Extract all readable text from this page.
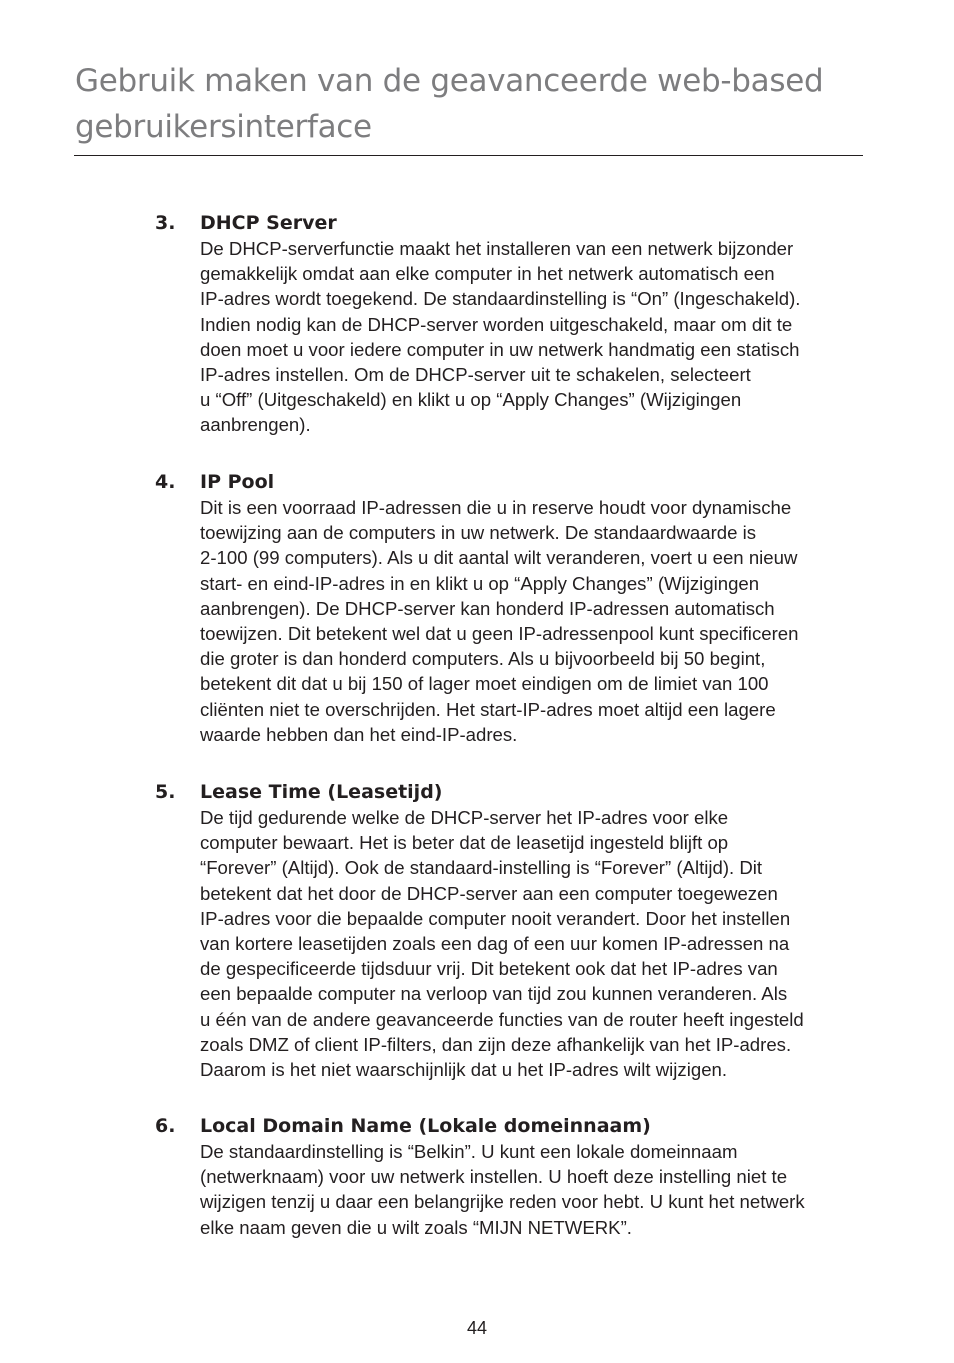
Gebruik maken van de geavanceerde web-based
gebruikersinterface
3. DHCP Server

De DHCP-serverfunctie maakt het installeren van een netwerk bijzonder
gemakkelijk omdat aan elke computer in het netwerk automatisch een
IP-adres wordt toegekend. De standaardinstelling is “On” (Ingeschakeld).
Indien nodig kan de DHCP-server worden uitgeschakeld, maar om dit te
doen moet u voor iedere computer in uw netwerk handmatig een statisch
IP-adres instellen. Om de DHCP-server uit te schakelen, selecteert
u “Off” (Uitgeschakeld) en klikt u op “Apply Changes” (Wijzigingen
aanbrengen).

4. IP Pool

Dit is een voorraad IP-adressen die u in reserve houdt voor dynamische
toewijzing aan de computers in uw netwerk. De standaardwaarde is
2-100 (99 computers). Als u dit aantal wilt veranderen, voert u een nieuw
start- en eind-IP-adres in en klikt u op “Apply Changes” (Wijzigingen
aanbrengen). De DHCP-server kan honderd IP-adressen automatisch
toewijzen. Dit betekent wel dat u geen IP-adressenpool kunt specificeren
die groter is dan honderd computers. Als u bijvoorbeeld bij 50 begint,
betekent dit dat u bij 150 of lager moet eindigen om de limiet van 100
cliënten niet te overschrijden. Het start-IP-adres moet altijd een lagere
waarde hebben dan het eind-IP-adres.

5. Lease Time (Leasetijd)

De tijd gedurende welke de DHCP-server het IP-adres voor elke
computer bewaart. Het is beter dat de leasetijd ingesteld blijft op
“Forever” (Altijd). Ook de standaard-instelling is “Forever” (Altijd). Dit
betekent dat het door de DHCP-server aan een computer toegewezen
IP-adres voor die bepaalde computer nooit verandert. Door het instellen
van kortere leasetijden zoals een dag of een uur komen IP-adressen na
de gespecificeerde tijdsduur vrij. Dit betekent ook dat het IP-adres van
een bepaalde computer na verloop van tijd zou kunnen veranderen. Als
u één van de andere geavanceerde functies van de router heeft ingesteld
zoals DMZ of client IP-filters, dan zijn deze afhankelijk van het IP-adres.
Daarom is het niet waarschijnlijk dat u het IP-adres wilt wijzigen.

6. Local Domain Name (Lokale domeinnaam)

De standaardinstelling is “Belkin”. U kunt een lokale domeinnaam
(netwerknaam) voor uw netwerk instellen. U hoeft deze instelling niet te
wijzigen tenzij u daar een belangrijke reden voor hebt. U kunt het netwerk
elke naam geven die u wilt zoals “MIJN NETWERK”.

44
